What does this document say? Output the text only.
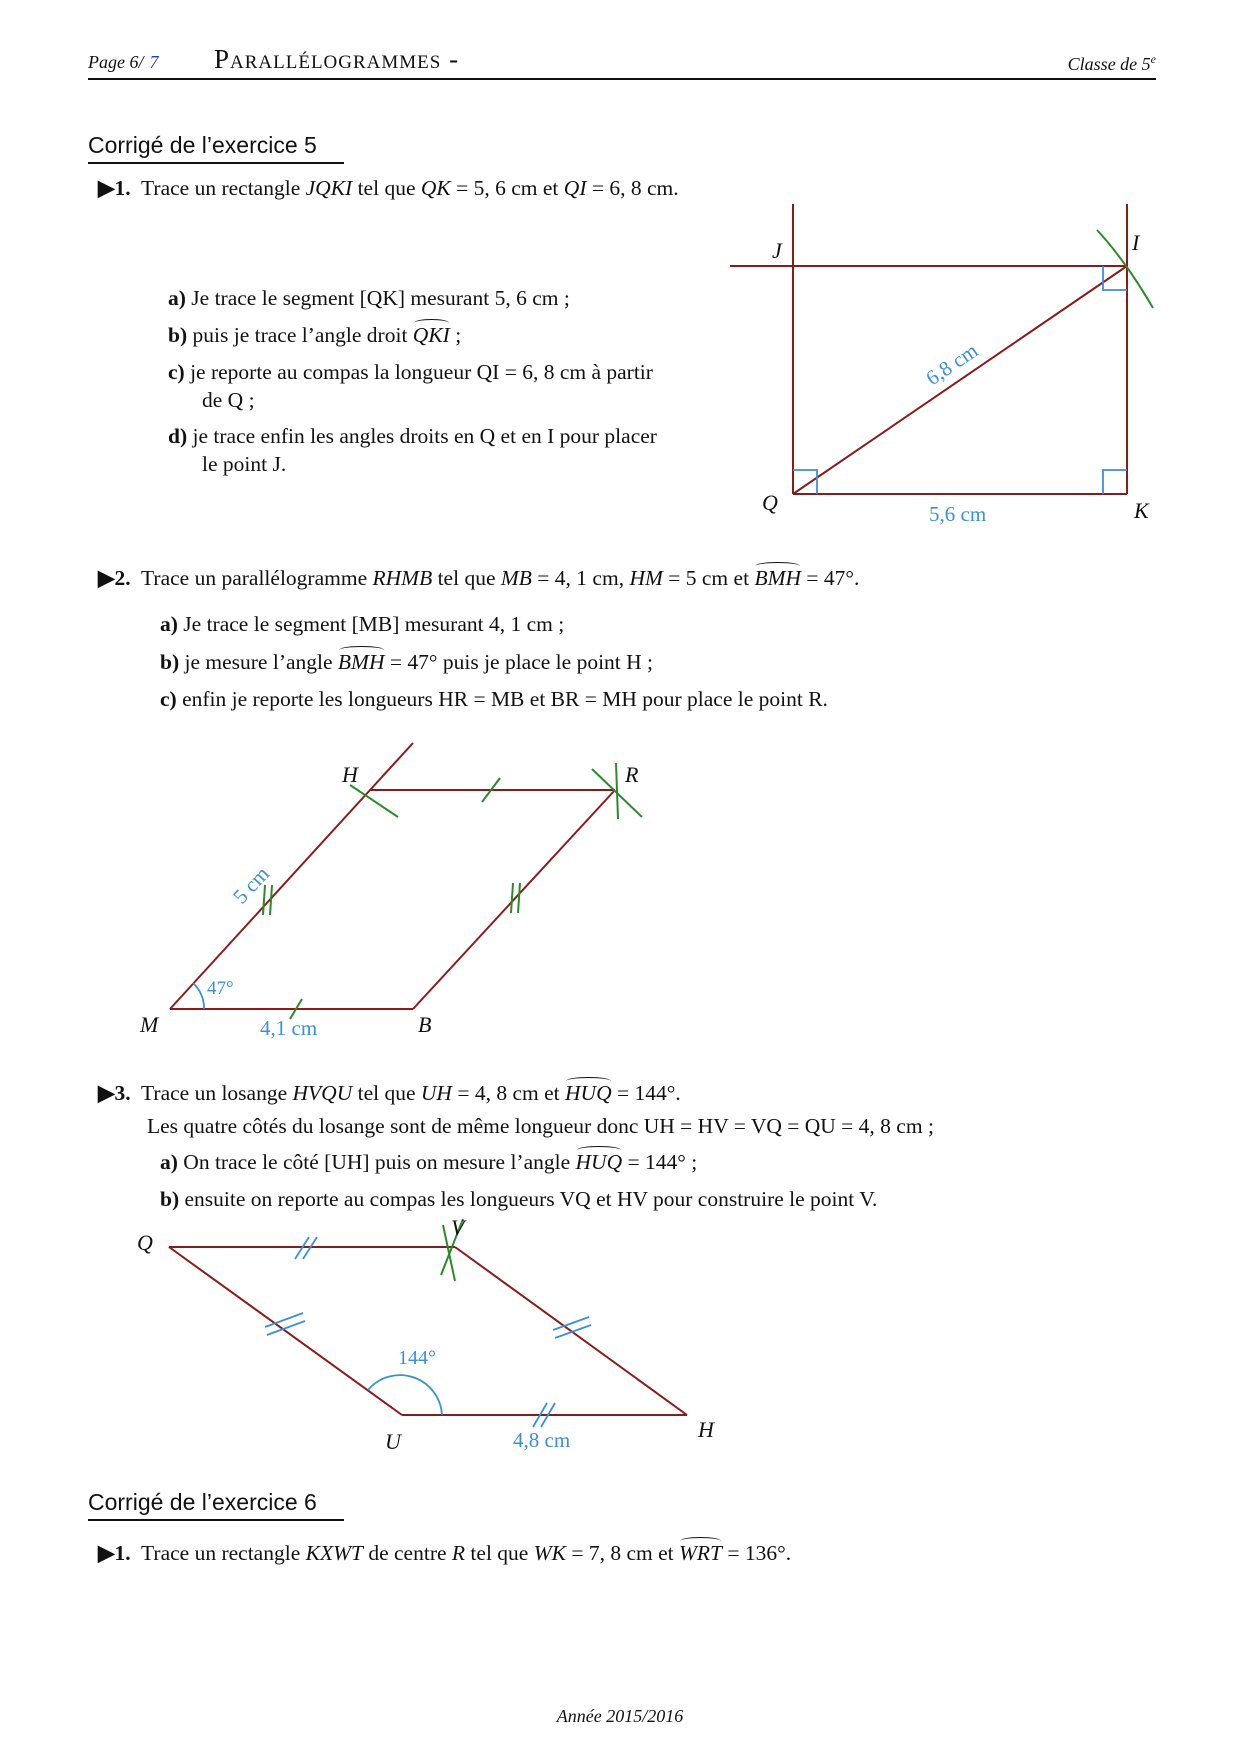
Page 6/ 7 Parallélogrammes -	Classe de 5e
Corrigé de l’exercice 5
▶1. Trace un rectangle JQKI tel que QK = 5, 6 cm et QI = 6, 8 cm.
a) Je trace le segment [QK] mesurant 5, 6 cm ;
b) puis je trace l’angle droit QKI ;
c) je reporte au compas la longueur QI = 6, 8 cm à partir
de Q ;
d) je trace enfin les angles droits en Q et en I pour placer
le point J.
J	I
Q	K
6,8 cm
5,6 cm
▶2. Trace un parallélogramme RHMB tel que MB = 4, 1 cm, HM = 5 cm et BMH = 47°.
a) Je trace le segment [MB] mesurant 4, 1 cm ;
b) je mesure l’angle BMH = 47° puis je place le point H ;
c) enfin je reporte les longueurs HR = MB et BR = MH pour place le point R.
H	R
M	B
5 cm
4,1 cm
47°
▶3. Trace un losange HVQU tel que UH = 4, 8 cm et HUQ = 144°.
Les quatre côtés du losange sont de même longueur donc UH = HV = VQ = QU = 4, 8 cm ;
a) On trace le côté [UH] puis on mesure l’angle HUQ = 144° ;
b) ensuite on reporte au compas les longueurs VQ et HV pour construire le point V.
Q
V
U	H
144°
4,8 cm
Corrigé de l’exercice 6
▶1. Trace un rectangle KXWT de centre R tel que WK = 7, 8 cm et WRT = 136°.
Année 2015/2016
